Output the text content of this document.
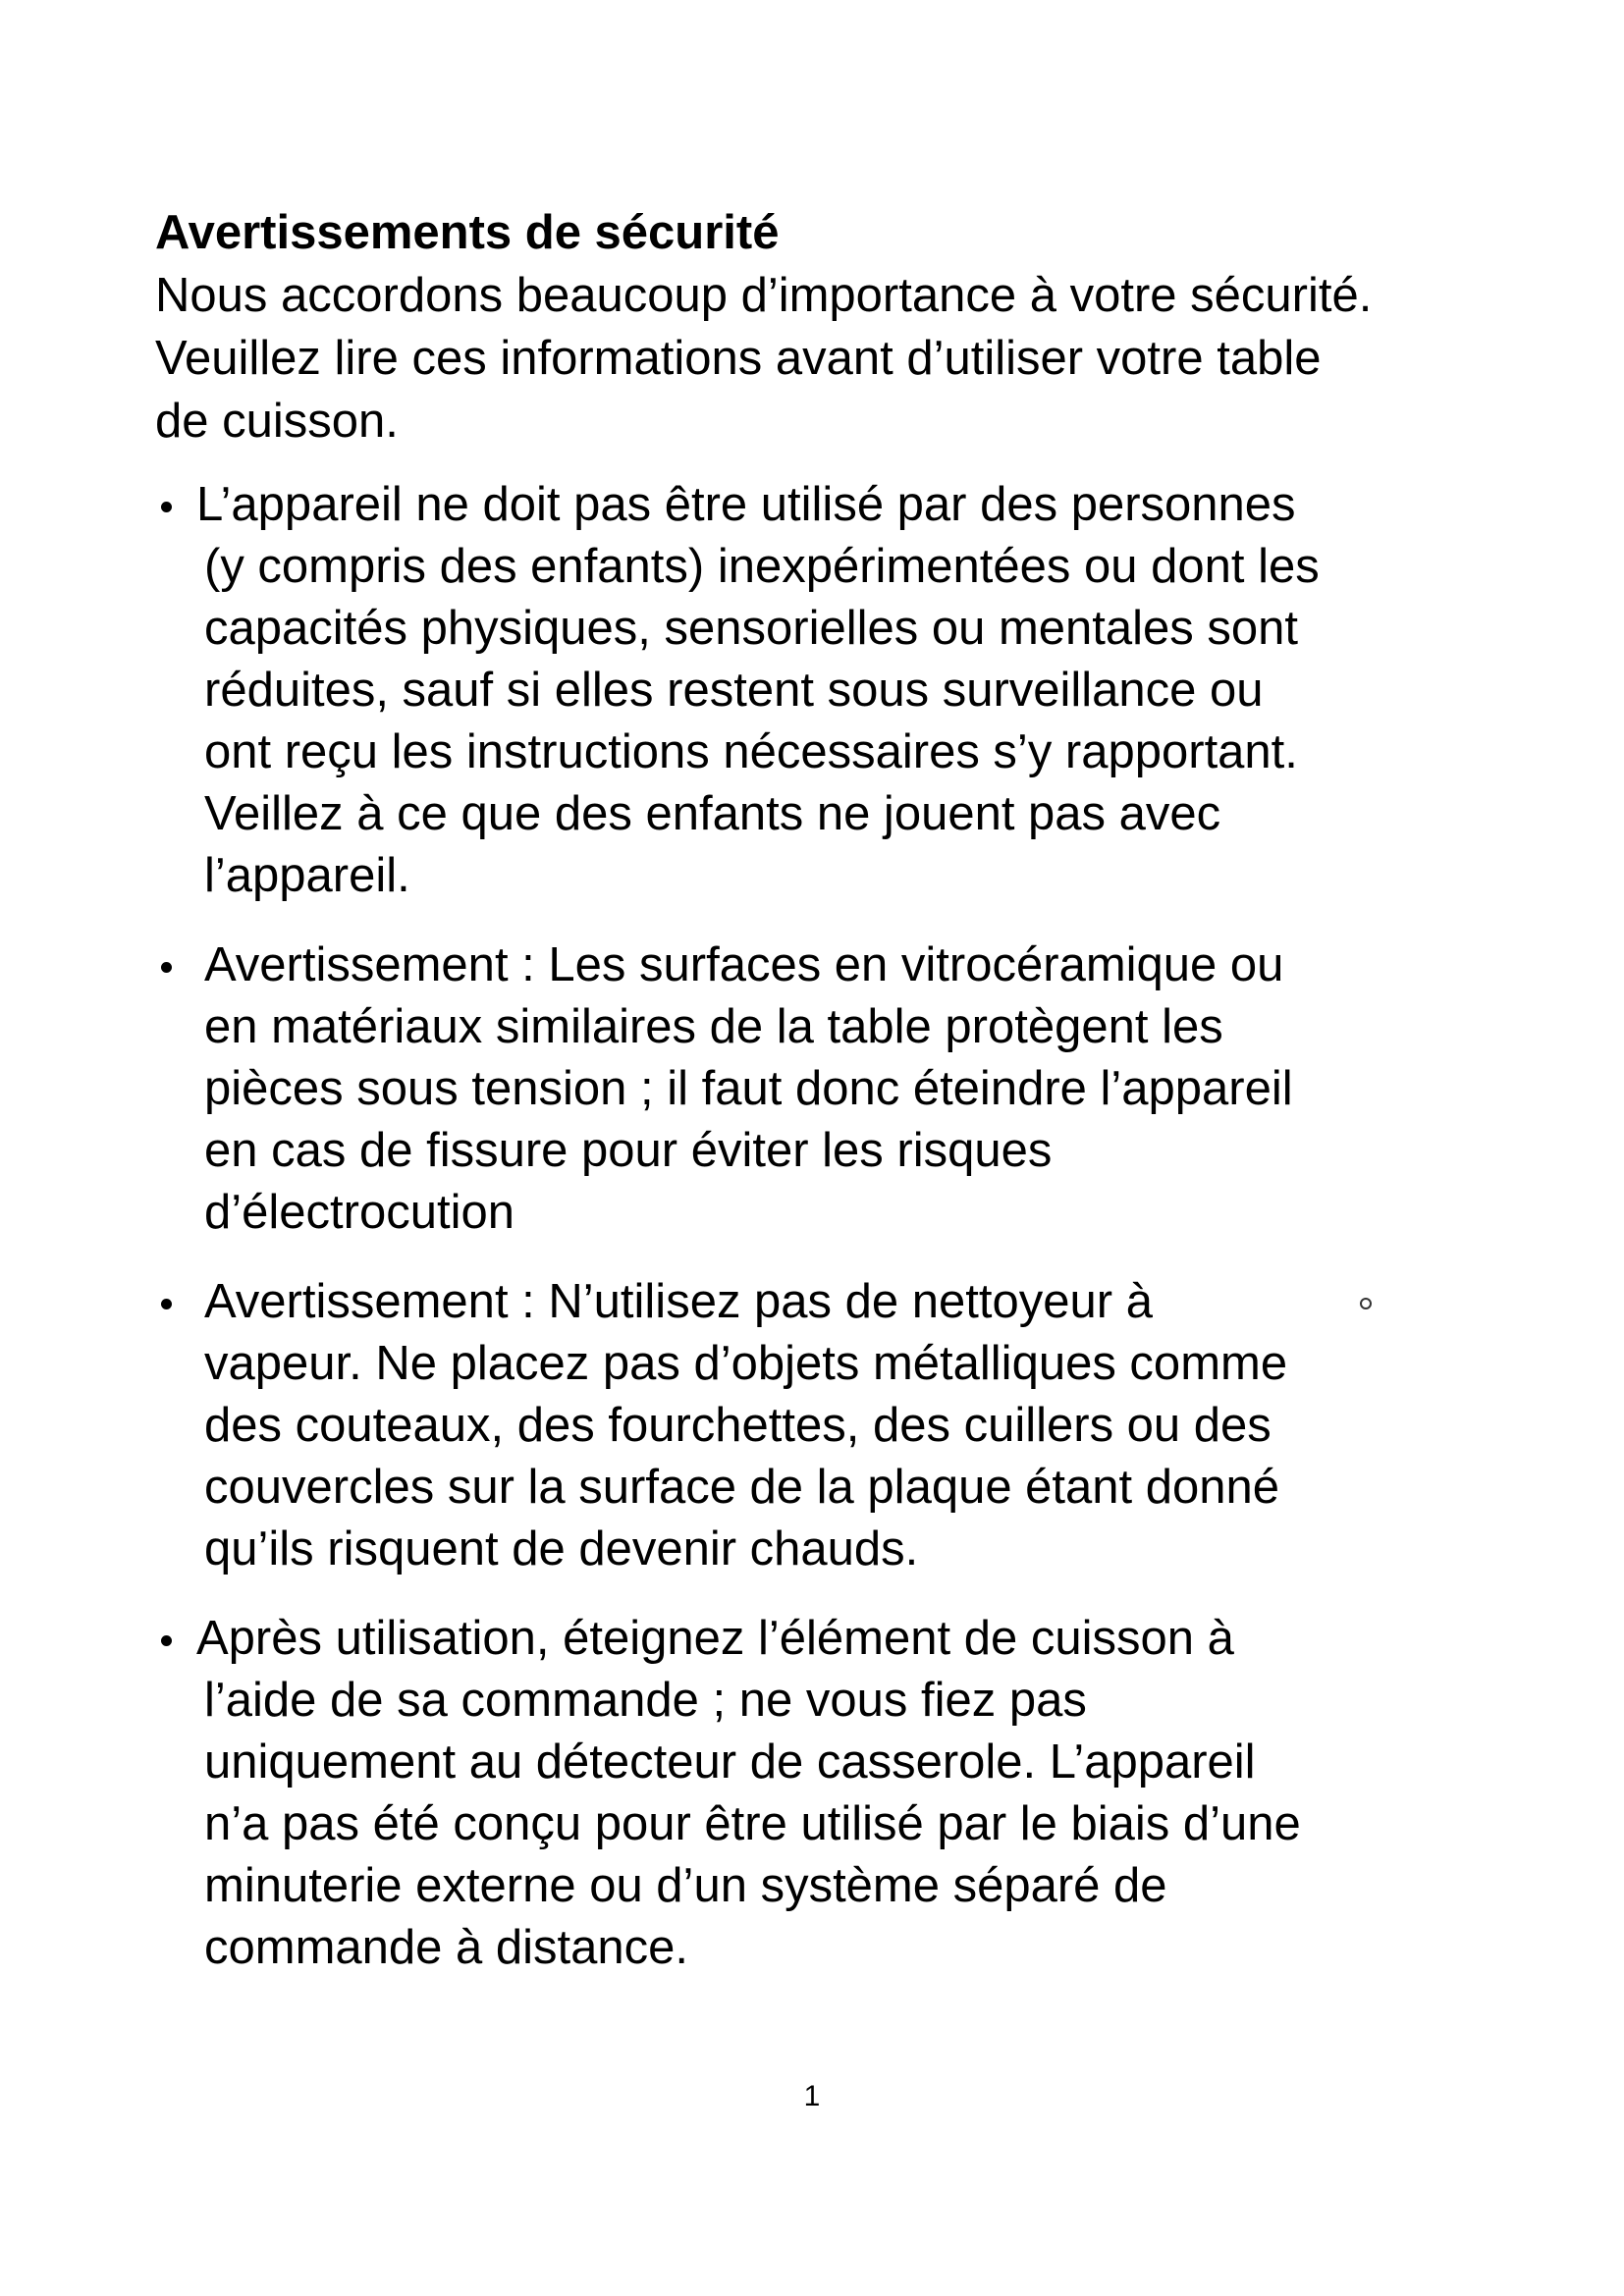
Avertissements de sécurité

Nous accordons beaucoup d’importance à votre sécurité.
Veuillez lire ces informations avant d’utiliser votre table
de cuisson.

L’appareil ne doit pas être utilisé par des personnes
(y compris des enfants) inexpérimentées ou dont les
capacités physiques, sensorielles ou mentales sont
réduites, sauf si elles restent sous surveillance ou
ont reçu les instructions nécessaires s’y rapportant.
Veillez à ce que des enfants ne jouent pas avec
l’appareil.
Avertissement : Les surfaces en vitrocéramique ou
en matériaux similaires de la table protègent les
pièces sous tension ; il faut donc éteindre l’appareil
en cas de fissure pour éviter les risques
d’électrocution
Avertissement : N’utilisez pas de nettoyeur à
vapeur. Ne placez pas d’objets métalliques comme
des couteaux, des fourchettes, des cuillers ou des
couvercles sur la surface de la plaque étant donné
qu’ils risquent de devenir chauds.
Après utilisation, éteignez l’élément de cuisson à
l’aide de sa commande ; ne vous fiez pas
uniquement au détecteur de casserole. L’appareil
n’a pas été conçu pour être utilisé par le biais d’une
minuterie externe ou d’un système séparé de
commande à distance.
1
